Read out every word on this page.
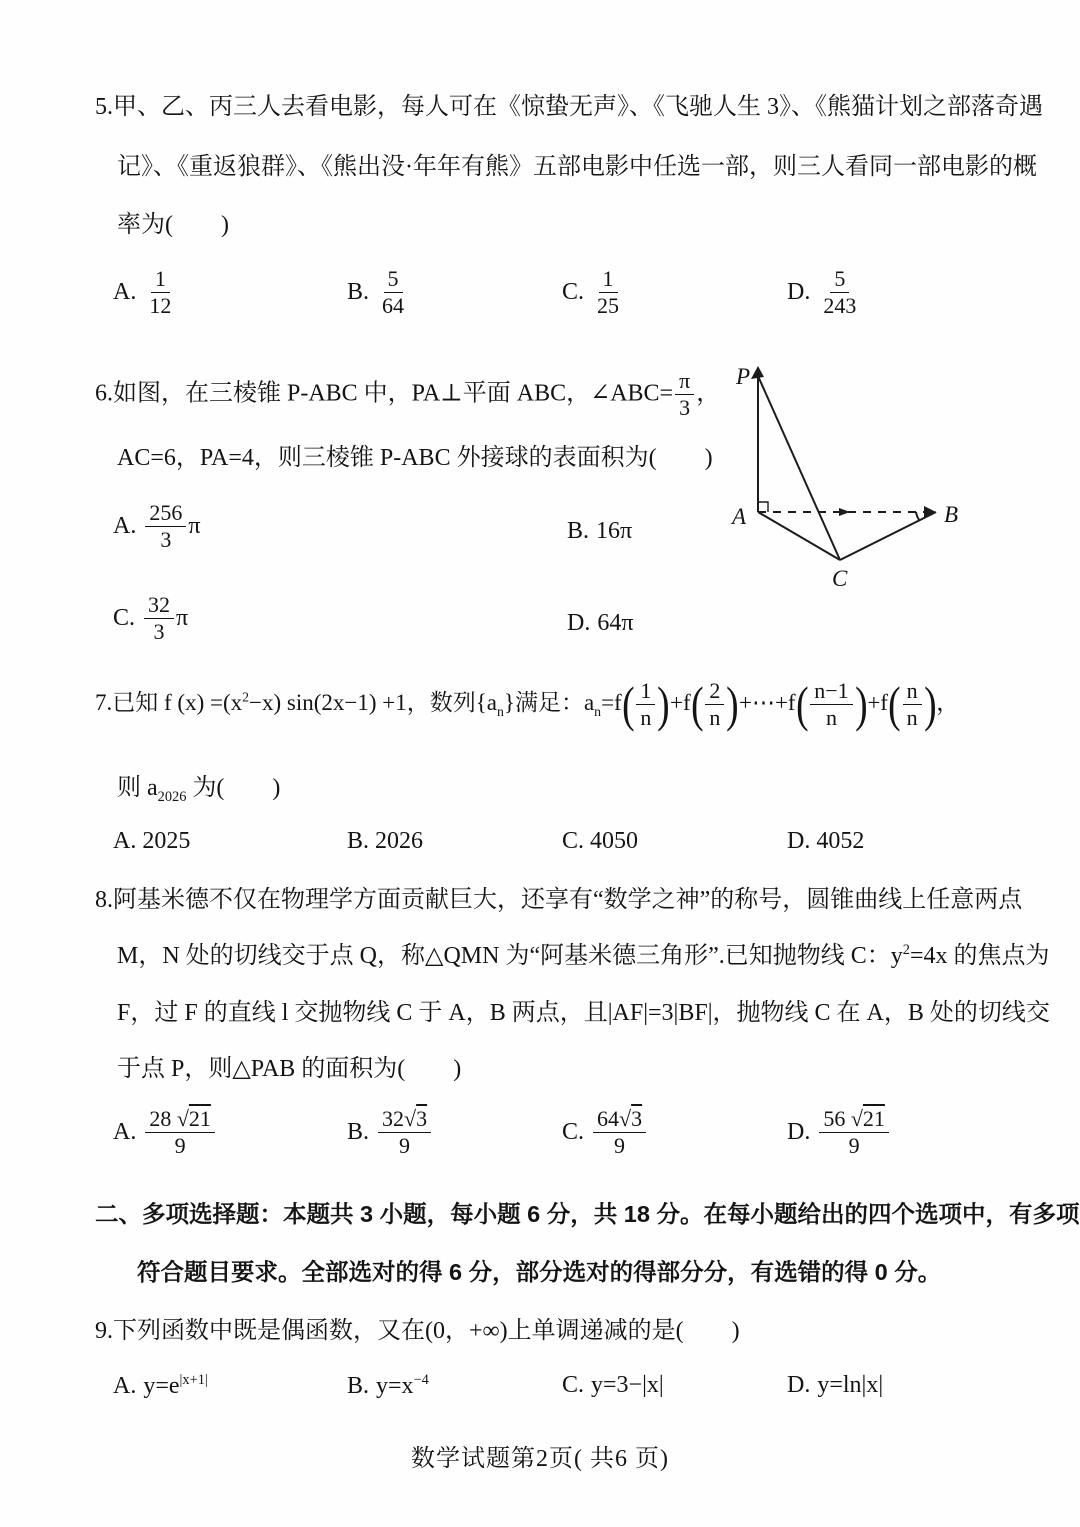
5.甲、乙、丙三人去看电影，每人可在《惊蛰无声》、《飞驰人生 3》、《熊猫计划之部落奇遇
记》、《重返狼群》、《熊出没·年年有熊》五部电影中任选一部，则三人看同一部电影的概
率为(　　)
A. $\frac{1}{12}$	B. $\frac{5}{64}$	C. $\frac{1}{25}$	D. $\frac{5}{243}$
6.如图，在三棱锥 P-ABC 中，PA⊥平面 ABC，∠ABC= $\frac{\pi}{3}$ ，
AC=6，PA=4，则三棱锥 P-ABC 外接球的表面积为(　　)
A. $\frac{256}{3}$ π	B. 16π
C. $\frac{32}{3}$ π	D. 64π
P
A	B
C
7.已知 f $(x) =(x^2-x)$ sin(2x−1) +1，数列$\{a_n\}$满足：$a_n=f( \frac{1}{n} )+f( \frac{2}{n}$ )+⋯+f( $\frac{n-1}{n} )+f( \frac{n}{n}$ )，
则 $a_{2026}$ 为(　　)
A. 2025	B. 2026	C. 4050	D. 4052
8.阿基米德不仅在物理学方面贡献巨大，还享有“数学之神”的称号，圆锥曲线上任意两点
M，N 处的切线交于点 Q，称△QMN 为“阿基米德三角形”.已知抛物线 C：$y^2=4x$ 的焦点为
F，过 F 的直线 l 交抛物线 C 于 A，B 两点，且|AF|=3|BF|，抛物线 C 在 A，B 处的切线交
于点 P，则△PAB 的面积为(　　)
A. $\frac{28 √21}{9}$	B. $\frac{32√3}{9}$	C. $\frac{64√3}{9}$	D. $\frac{56 √21}{9}$
二、多项选择题：本题共 3 小题，每小题 6 分，共 18 分。在每小题给出的四个选项中，有多项
符合题目要求。全部选对的得 6 分，部分选对的得部分分，有选错的得 0 分。
9.下列函数中既是偶函数，又在(0，+∞)上单调递减的是(　　)
A. $y=e^{|x+1|}$	B. $y=x^{-4}$	C. y=3−|x|	D. y=ln|x|
数学试题第2页( 共6 页)
